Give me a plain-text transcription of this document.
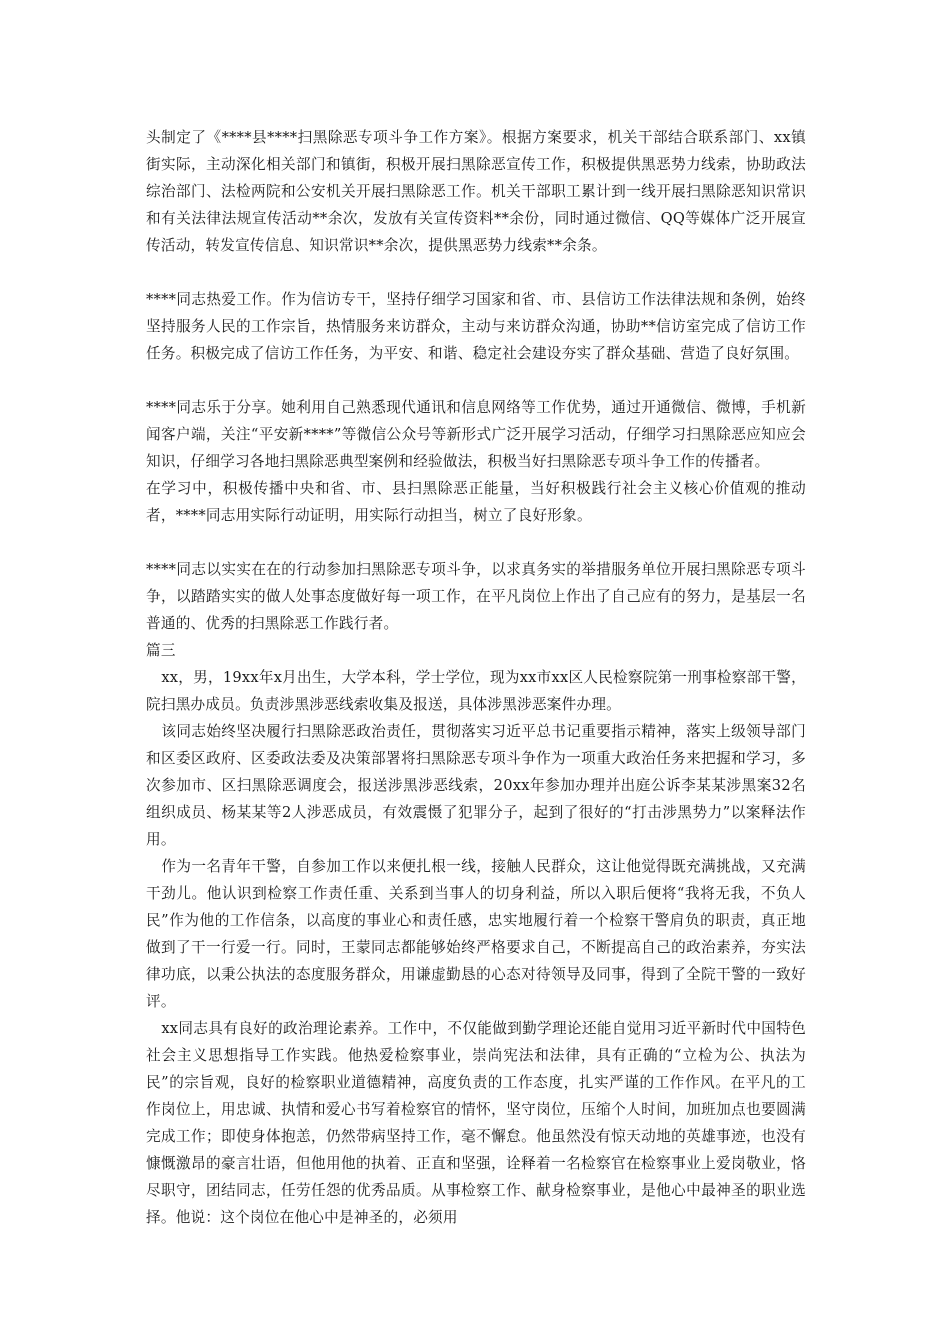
头制定了《****县****扫黑除恶专项斗争工作方案》。根据方案要求，机关干部结合联系部门、xx镇街实际，主动深化相关部门和镇街，积极开展扫黑除恶宣传工作，积极提供黑恶势力线索，协助政法综治部门、法检两院和公安机关开展扫黑除恶工作。机关干部职工累计到一线开展扫黑除恶知识常识和有关法律法规宣传活动**余次，发放有关宣传资料**余份，同时通过微信、QQ等媒体广泛开展宣传活动，转发宣传信息、知识常识**余次，提供黑恶势力线索**余条。

****同志热爱工作。作为信访专干，坚持仔细学习国家和省、市、县信访工作法律法规和条例，始终坚持服务人民的工作宗旨，热情服务来访群众，主动与来访群众沟通，协助**信访室完成了信访工作任务。积极完成了信访工作任务，为平安、和谐、稳定社会建设夯实了群众基础、营造了良好氛围。

****同志乐于分享。她利用自己熟悉现代通讯和信息网络等工作优势，通过开通微信、微博，手机新闻客户端，关注“平安新****”等微信公众号等新形式广泛开展学习活动，仔细学习扫黑除恶应知应会知识，仔细学习各地扫黑除恶典型案例和经验做法，积极当好扫黑除恶专项斗争工作的传播者。

在学习中，积极传播中央和省、市、县扫黑除恶正能量，当好积极践行社会主义核心价值观的推动者，****同志用实际行动证明，用实际行动担当，树立了良好形象。

****同志以实实在在的行动参加扫黑除恶专项斗争，以求真务实的举措服务单位开展扫黑除恶专项斗争，以踏踏实实的做人处事态度做好每一项工作，在平凡岗位上作出了自己应有的努力，是基层一名普通的、优秀的扫黑除恶工作践行者。

篇三

xx，男，19xx年x月出生，大学本科，学士学位，现为xx市xx区人民检察院第一刑事检察部干警，院扫黑办成员。负责涉黑涉恶线索收集及报送，具体涉黑涉恶案件办理。

该同志始终坚决履行扫黑除恶政治责任，贯彻落实习近平总书记重要指示精神，落实上级领导部门和区委区政府、区委政法委及决策部署将扫黑除恶专项斗争作为一项重大政治任务来把握和学习，多次参加市、区扫黑除恶调度会，报送涉黑涉恶线索，20xx年参加办理并出庭公诉李某某涉黑案32名组织成员、杨某某等2人涉恶成员，有效震慑了犯罪分子，起到了很好的“打击涉黑势力”以案释法作用。

作为一名青年干警，自参加工作以来便扎根一线，接触人民群众，这让他觉得既充满挑战，又充满干劲儿。他认识到检察工作责任重、关系到当事人的切身利益，所以入职后便将“我将无我，不负人民”作为他的工作信条，以高度的事业心和责任感，忠实地履行着一个检察干警肩负的职责，真正地做到了干一行爱一行。同时，王蒙同志都能够始终严格要求自己，不断提高自己的政治素养，夯实法律功底，以秉公执法的态度服务群众，用谦虚勤恳的心态对待领导及同事，得到了全院干警的一致好评。

xx同志具有良好的政治理论素养。工作中，不仅能做到勤学理论还能自觉用习近平新时代中国特色社会主义思想指导工作实践。他热爱检察事业，崇尚宪法和法律，具有正确的“立检为公、执法为民”的宗旨观，良好的检察职业道德精神，高度负责的工作态度，扎实严谨的工作作风。在平凡的工作岗位上，用忠诚、执情和爱心书写着检察官的情怀，坚守岗位，压缩个人时间，加班加点也要圆满完成工作；即使身体抱恙，仍然带病坚持工作，毫不懈怠。他虽然没有惊天动地的英雄事迹，也没有慷慨激昂的豪言壮语，但他用他的执着、正直和坚强，诠释着一名检察官在检察事业上爱岗敬业，恪尽职守，团结同志，任劳任怨的优秀品质。从事检察工作、献身检察事业，是他心中最神圣的职业选择。他说：这个岗位在他心中是神圣的，必须用
